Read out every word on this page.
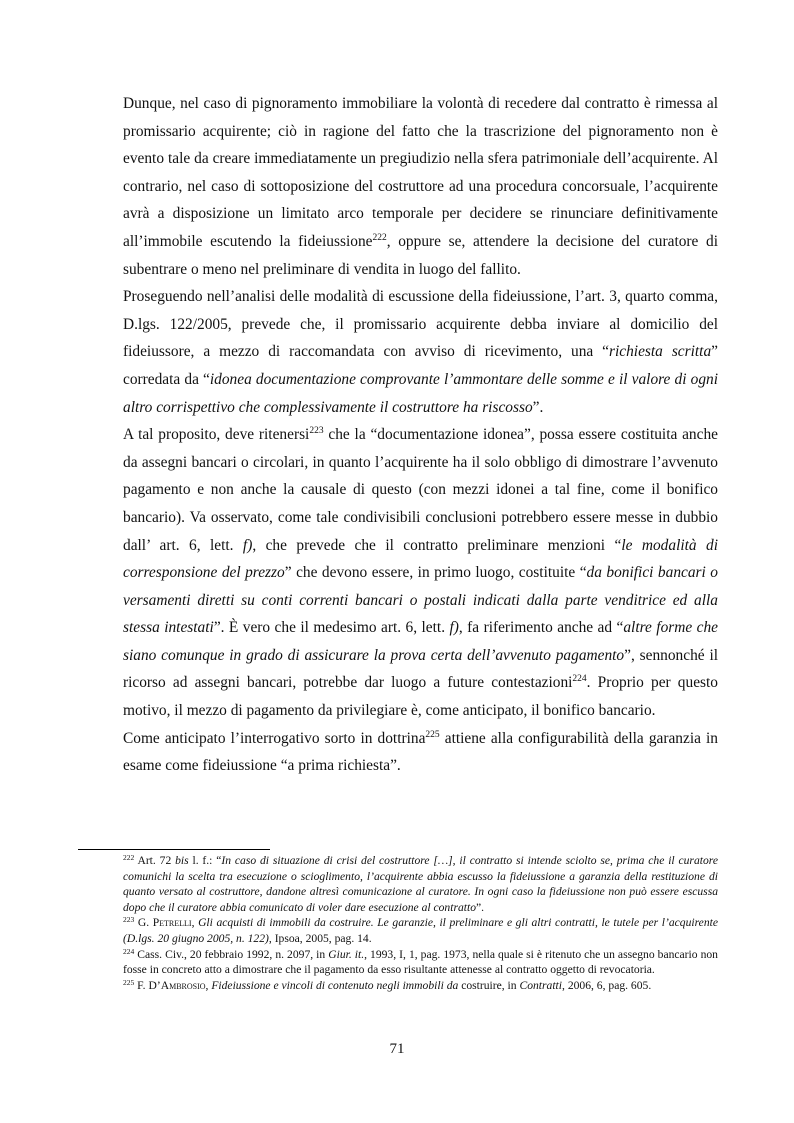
Dunque, nel caso di pignoramento immobiliare la volontà di recedere dal contratto è rimessa al promissario acquirente; ciò in ragione del fatto che la trascrizione del pignoramento non è evento tale da creare immediatamente un pregiudizio nella sfera patrimoniale dell’acquirente. Al contrario, nel caso di sottoposizione del costruttore ad una procedura concorsuale, l’acquirente avrà a disposizione un limitato arco temporale per decidere se rinunciare definitivamente all’immobile escutendo la fideiussione$^{222}$, oppure se, attendere la decisione del curatore di subentrare o meno nel preliminare di vendita in luogo del fallito.

Proseguendo nell’analisi delle modalità di escussione della fideiussione, l’art. 3, quarto comma, D.lgs. 122/2005, prevede che, il promissario acquirente debba inviare al domicilio del fideiussore, a mezzo di raccomandata con avviso di ricevimento, una “richiesta scritta” corredata da “idonea documentazione comprovante l’ammontare delle somme e il valore di ogni altro corrispettivo che complessivamente il costruttore ha riscosso”.

A tal proposito, deve ritenersi$^{223}$ che la “documentazione idonea”, possa essere costituita anche da assegni bancari o circolari, in quanto l’acquirente ha il solo obbligo di dimostrare l’avvenuto pagamento e non anche la causale di questo (con mezzi idonei a tal fine, come il bonifico bancario). Va osservato, come tale condivisibili conclusioni potrebbero essere messe in dubbio dall’ art. 6, lett. f), che prevede che il contratto preliminare menzioni “le modalità di corresponsione del prezzo” che devono essere, in primo luogo, costituite “da bonifici bancari o versamenti diretti su conti correnti bancari o postali indicati dalla parte venditrice ed alla stessa intestati”. È vero che il medesimo art. 6, lett. f), fa riferimento anche ad “altre forme che siano comunque in grado di assicurare la prova certa dell’avvenuto pagamento”, sennonché il ricorso ad assegni bancari, potrebbe dar luogo a future contestazioni$^{224}$. Proprio per questo motivo, il mezzo di pagamento da privilegiare è, come anticipato, il bonifico bancario.

Come anticipato l’interrogativo sorto in dottrina$^{225}$ attiene alla configurabilità della garanzia in esame come fideiussione “a prima richiesta”.

$^{222}$ Art. 72 bis l. f.: “In caso di situazione di crisi del costruttore […], il contratto si intende sciolto se, prima che il curatore comunichi la scelta tra esecuzione o scioglimento, l’acquirente abbia escusso la fideiussione a garanzia della restituzione di quanto versato al costruttore, dandone altresì comunicazione al curatore. In ogni caso la fideiussione non può essere escussa dopo che il curatore abbia comunicato di voler dare esecuzione al contratto”.

$^{223}$ G. Petrelli, Gli acquisti di immobili da costruire. Le garanzie, il preliminare e gli altri contratti, le tutele per l’acquirente (D.lgs. 20 giugno 2005, n. 122), Ipsoa, 2005, pag. 14.

$^{224}$ Cass. Civ., 20 febbraio 1992, n. 2097, in Giur. it., 1993, I, 1, pag. 1973, nella quale si è ritenuto che un assegno bancario non fosse in concreto atto a dimostrare che il pagamento da esso risultante attenesse al contratto oggetto di revocatoria.

$^{225}$ F. D’Ambrosio, Fideiussione e vincoli di contenuto negli immobili da costruire, in Contratti, 2006, 6, pag. 605.

71
